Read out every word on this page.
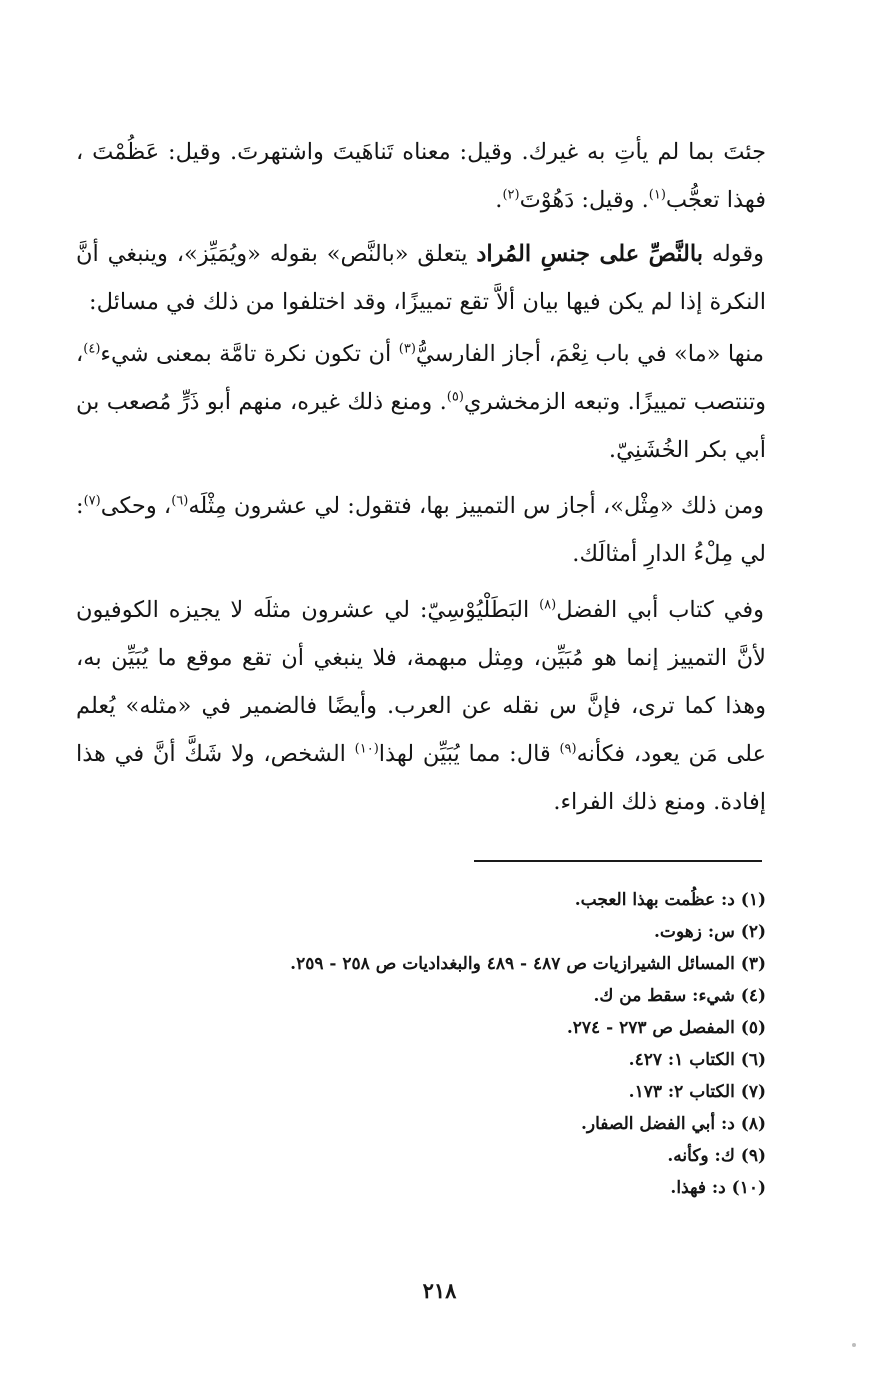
جئتَ بما لم يأتِ به غيرك. وقيل: معناه تَناهَيتَ واشتهرتَ. وقيل: عَظُمْتَ ، فهذا تعجُّب$^{(١)}$. وقيل: دَهُوْتَ$^{(٢)}$.

وقوله بالنَّصِّ على جنسِ المُراد يتعلق «بالنَّص» بقوله «ويُمَيِّز»، وينبغي أنَّ النكرة إذا لم يكن فيها بيان ألاَّ تقع تمييزًا، وقد اختلفوا من ذلك في مسائل:

منها «ما» في باب نِعْمَ، أجاز الفارسيُّ$^{(٣)}$ أن تكون نكرة تامَّة بمعنى شيء$^{(٤)}$، وتنتصب تمييزًا. وتبعه الزمخشري$^{(٥)}$. ومنع ذلك غيره، منهم أبو ذَرٍّ مُصعب بن أبي بكر الخُشَنِيّ.

ومن ذلك «مِثْل»، أجاز س التمييز بها، فتقول: لي عشرون مِثْلَه$^{(٦)}$، وحكى$^{(٧)}$: لي مِلْءُ الدارِ أمثالَك.

وفي كتاب أبي الفضل$^{(٨)}$ البَطَلْيُوْسِيّ: لي عشرون مثلَه لا يجيزه الكوفيون لأنَّ التمييز إنما هو مُبَيِّن، ومِثل مبهمة، فلا ينبغي أن تقع موقع ما يُبَيِّن به، وهذا كما ترى، فإنَّ س نقله عن العرب. وأيضًا فالضمير في «مثله» يُعلم على مَن يعود، فكأنه$^{(٩)}$ قال: مما يُبَيِّن لهذا$^{(١٠)}$ الشخص، ولا شَكَّ أنَّ في هذا إفادة. ومنع ذلك الفراء.

(١) د: عظُمت بهذا العجب.
(٢) س: زهوت.
(٣) المسائل الشيرازيات ص ٤٨٧ - ٤٨٩ والبغداديات ص ٢٥٨ - ٢٥٩.
(٤) شيء: سقط من ك.
(٥) المفصل ص ٢٧٣ - ٢٧٤.
(٦) الكتاب ١: ٤٢٧.
(٧) الكتاب ٢: ١٧٣.
(٨) د: أبي الفضل الصفار.
(٩) ك: وكأنه.
(١٠) د: فهذا.
٢١٨
